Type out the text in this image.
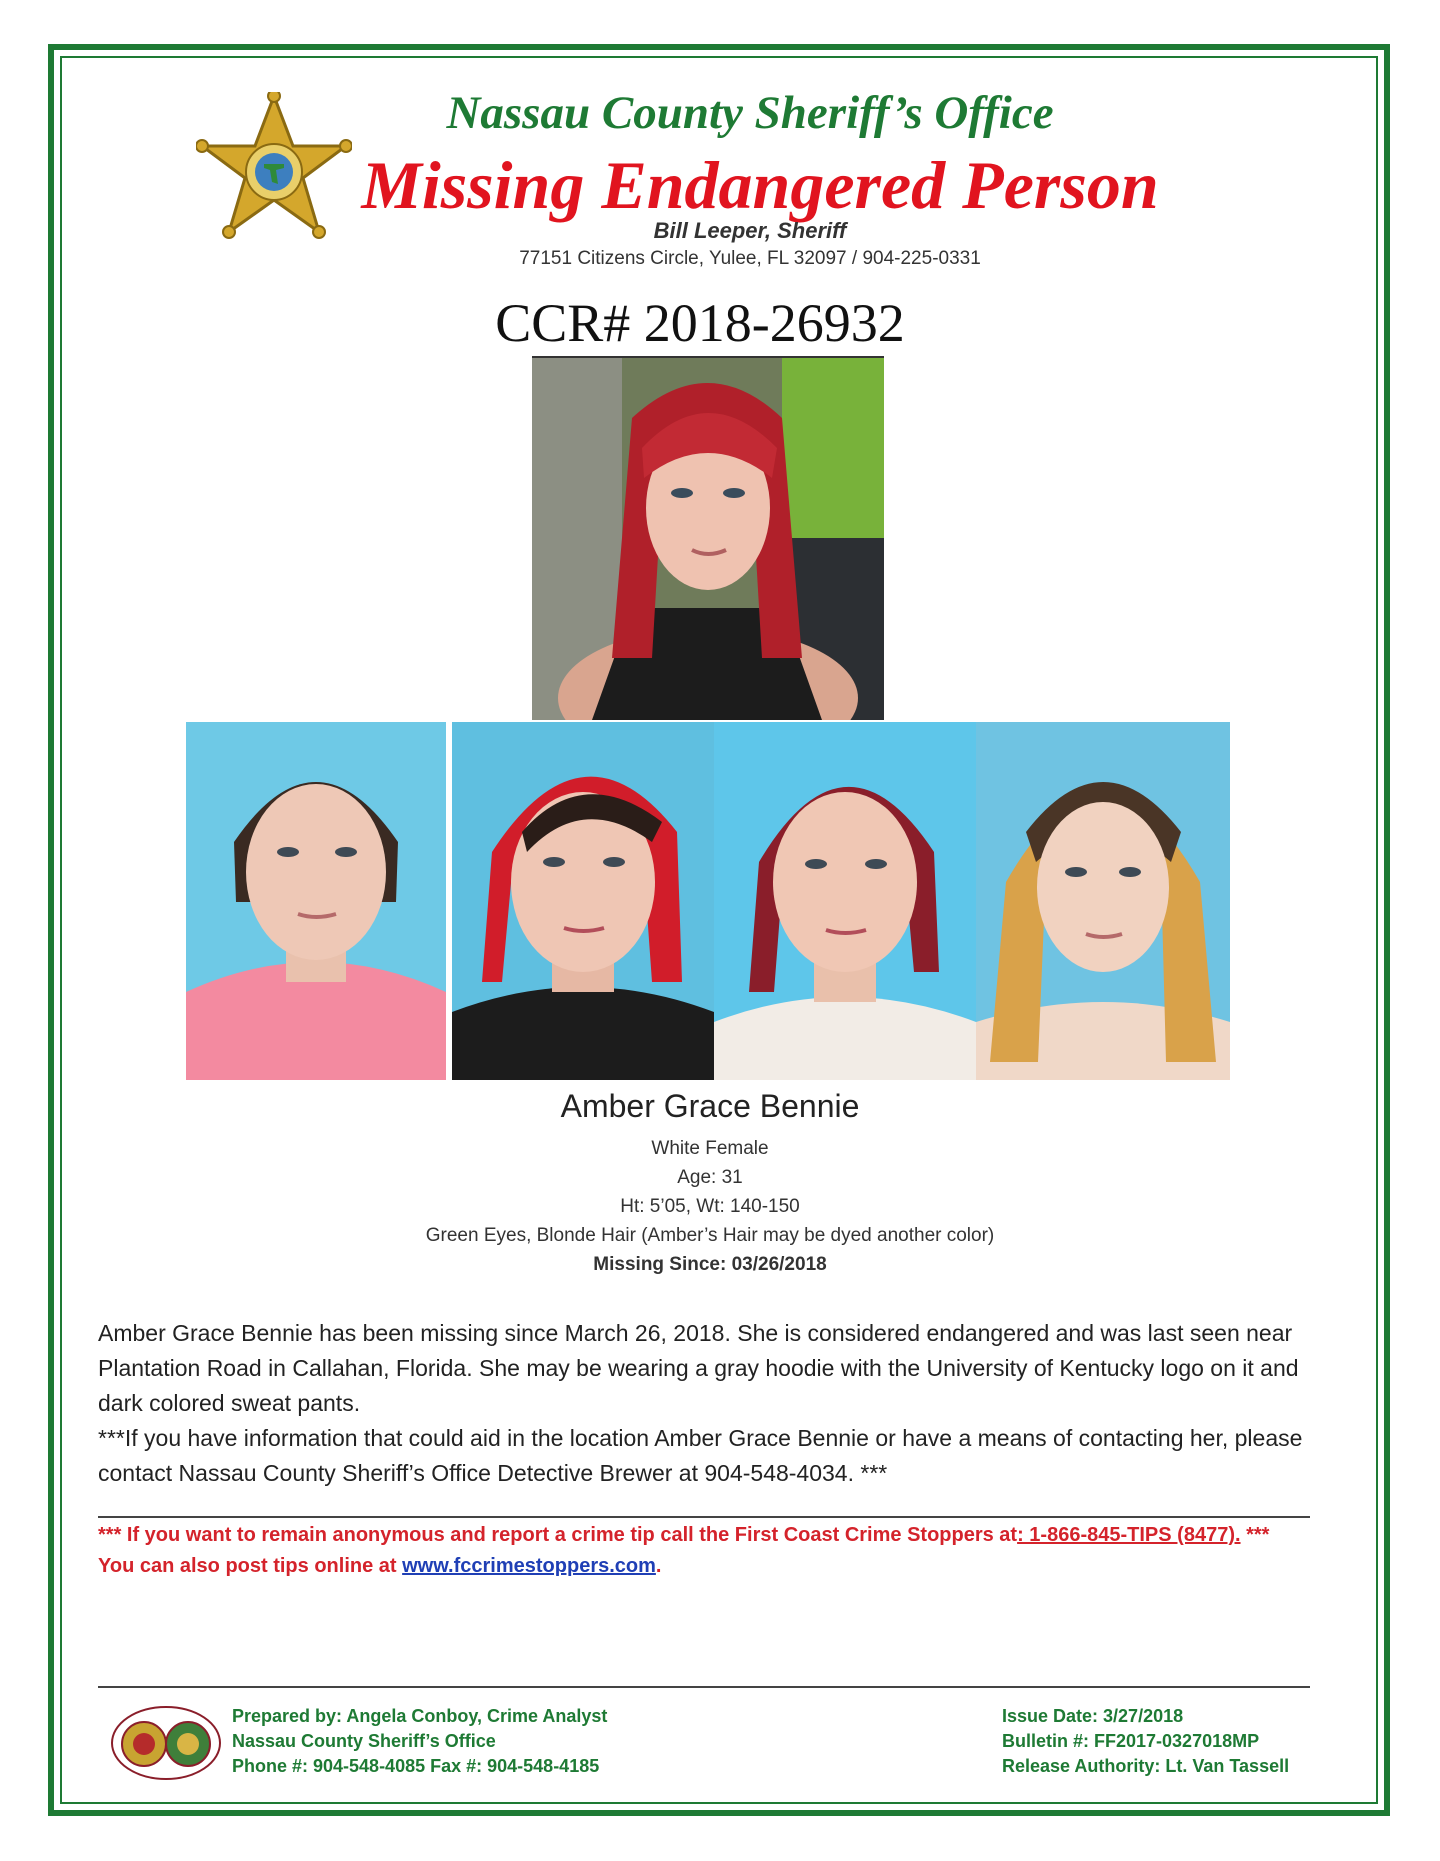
Nassau County Sheriff’s Office
Missing Endangered Person
Bill Leeper, Sheriff
77151 Citizens Circle, Yulee, FL 32097 / 904-225-0331
CCR# 2018-26932
Amber Grace Bennie
White Female
Age: 31
Ht: 5’05, Wt: 140-150
Green Eyes, Blonde Hair (Amber’s Hair may be dyed another color)
Missing Since: 03/26/2018

Amber Grace Bennie has been missing since March 26, 2018. She is considered endangered and was last seen near Plantation Road in Callahan, Florida. She may be wearing a gray hoodie with the University of Kentucky logo on it and dark colored sweat pants.

***If you have information that could aid in the location Amber Grace Bennie or have a means of contacting her, please contact Nassau County Sheriff’s Office Detective Brewer at 904-548-4034. ***

*** If you want to remain anonymous and report a crime tip call the First Coast Crime Stoppers at: 1-866-845-TIPS (8477). *** You can also post tips online at www.fccrimestoppers.com.
Prepared by: Angela Conboy, Crime Analyst
Nassau County Sheriff’s Office
Phone #: 904-548-4085 Fax #: 904-548-4185
Issue Date: 3/27/2018
Bulletin #: FF2017-0327018MP
Release Authority: Lt. Van Tassell
